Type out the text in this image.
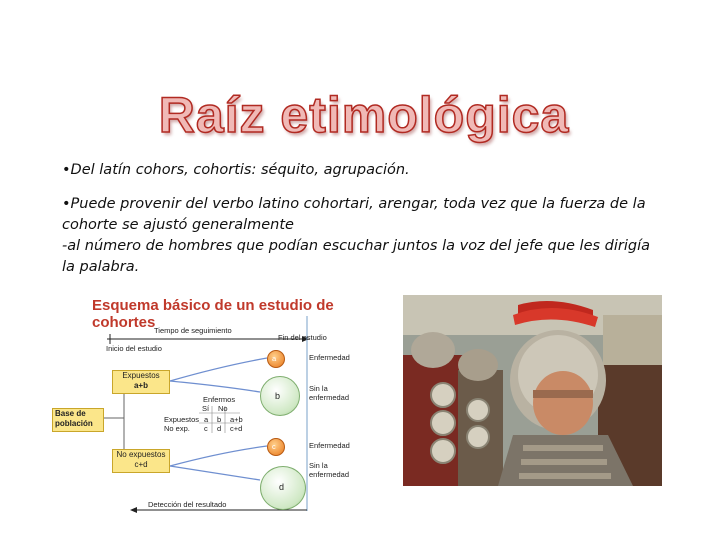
Raíz etimológica

•Del latín cohors, cohortis: séquito, agrupación.

•Puede provenir del verbo latino cohortari, arengar, toda vez que la fuerza de la cohorte se ajustó generalmente

-al número de hombres que podían escuchar juntos la voz del jefe que les dirigía la palabra.

Esquema básico de un estudio de cohortes
Tiempo de seguimiento
Fin del estudio
Inicio del estudio
Base de
población
Expuestos
a+b
No expuestos
c+d
Enfermos
Sí No
Expuestos
No exp.
a b
c d
a+b
c+d
a
b
c
d
Enfermedad
Sin la
enfermedad
Enfermedad
Sin la
enfermedad
Detección del resultado
